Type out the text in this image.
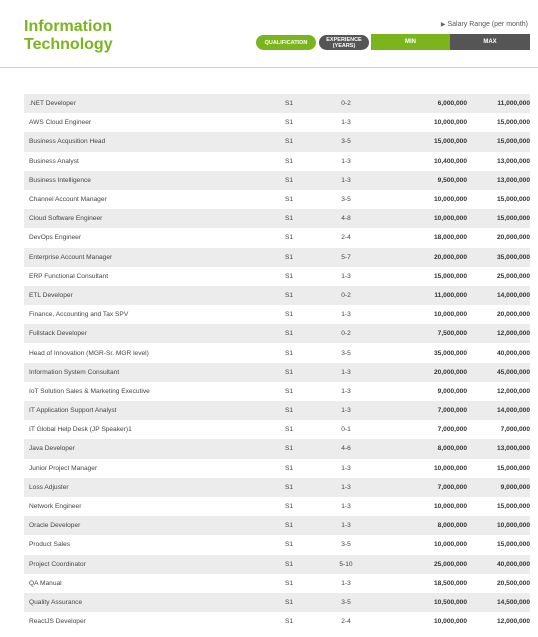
Information
Technology
▶ Salary Range (per month)
QUALIFICATION	EXPERIENCE
(YEARS)
MIN	MAX
.NET Developer	S1	0-2	6,000,000	11,000,000
AWS Cloud Engineer	S1	1-3	10,000,000	15,000,000
Business Acqusition Head	S1	3-5	15,000,000	15,000,000
Business Analyst	S1	1-3	10,400,000	13,000,000
Business Intelligence	S1	1-3	9,500,000	13,000,000
Channel Account Manager	S1	3-5	10,000,000	15,000,000
Cloud Software Engineer	S1	4-8	10,000,000	15,000,000
DevOps Engineer	S1	2-4	18,000,000	20,000,000
Enterprise Account Manager	S1	5-7	20,000,000	35,000,000
ERP Functional Consultant	S1	1-3	15,000,000	25,000,000
ETL Developer	S1	0-2	11,000,000	14,000,000
Finance, Accounting and Tax SPV	S1	1-3	10,000,000	20,000,000
Fullstack Developer	S1	0-2	7,500,000	12,000,000
Head of Innovation (MGR-Sr. MGR level)	S1	3-5	35,000,000	40,000,000
Information System Consultant	S1	1-3	20,000,000	45,000,000
IoT Solution Sales & Marketing Executive	S1	1-3	9,000,000	12,000,000
IT Application Support Analyst	S1	1-3	7,000,000	14,000,000
IT Global Help Desk (JP Speaker)1	S1	0-1	7,000,000	7,000,000
Java Developer	S1	4-6	8,000,000	13,000,000
Junior Project Manager	S1	1-3	10,000,000	15,000,000
Loss Adjuster	S1	1-3	7,000,000	9,000,000
Network Engineer	S1	1-3	10,000,000	15,000,000
Oracle Developer	S1	1-3	8,000,000	10,000,000
Product Sales	S1	3-5	10,000,000	15,000,000
Project Coordinator	S1	5-10	25,000,000	40,000,000
QA Manual	S1	1-3	18,500,000	20,500,000
Quality Assurance	S1	3-5	10,500,000	14,500,000
ReactJS Developer	S1	2-4	10,000,000	12,000,000
